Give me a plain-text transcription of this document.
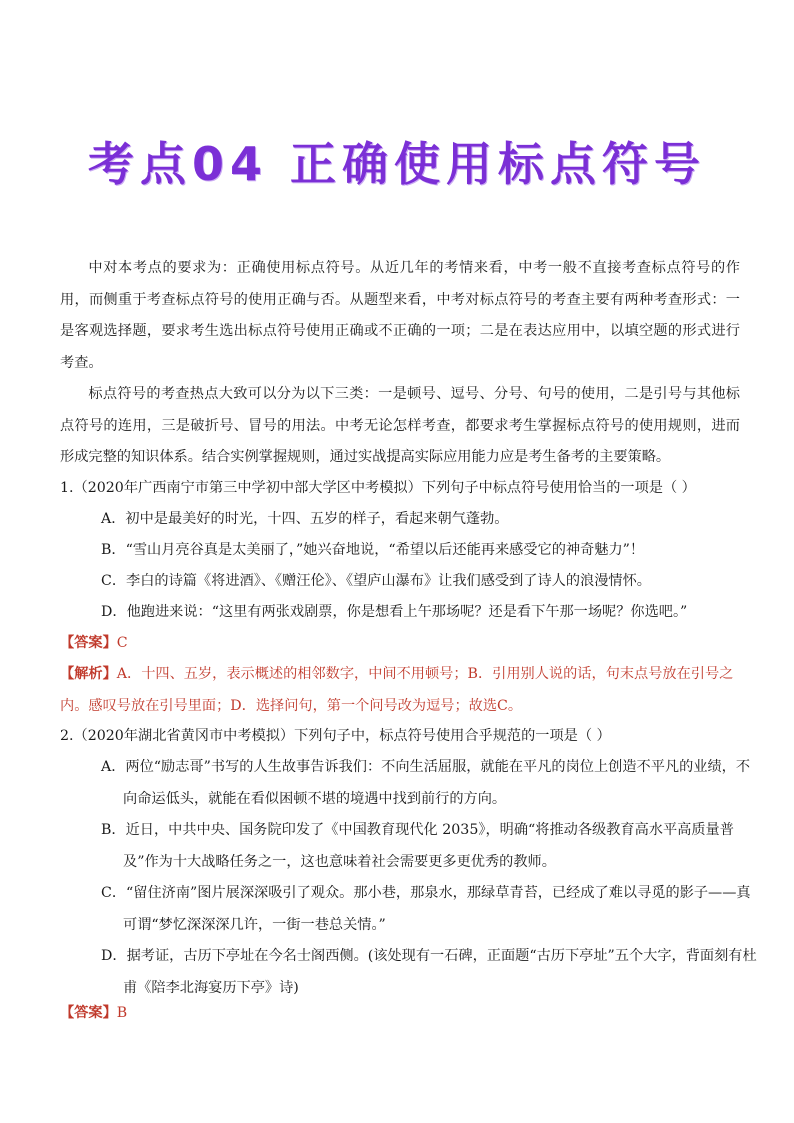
考点04 正确使用标点符号

中对本考点的要求为：正确使用标点符号。从近几年的考情来看，中考一般不直接考查标点符号的作用，而侧重于考查标点符号的使用正确与否。从题型来看，中考对标点符号的考查主要有两种考查形式：一是客观选择题，要求考生选出标点符号使用正确或不正确的一项；二是在表达应用中，以填空题的形式进行考查。

标点符号的考查热点大致可以分为以下三类：一是顿号、逗号、分号、句号的使用，二是引号与其他标点符号的连用，三是破折号、冒号的用法。中考无论怎样考查，都要求考生掌握标点符号的使用规则，进而形成完整的知识体系。结合实例掌握规则，通过实战提高实际应用能力应是考生备考的主要策略。

1.（2020年广西南宁市第三中学初中部大学区中考模拟）下列句子中标点符号使用恰当的一项是（ ）

A．初中是最美好的时光，十四、五岁的样子，看起来朝气蓬勃。

B．“雪山月亮谷真是太美丽了，”她兴奋地说，“希望以后还能再来感受它的神奇魅力”！

C．李白的诗篇《将进酒》、《赠汪伦》、《望庐山瀑布》让我们感受到了诗人的浪漫情怀。

D．他跑进来说：“这里有两张戏剧票，你是想看上午那场呢？还是看下午那一场呢？你选吧。”

【答案】C

【解析】A．十四、五岁，表示概述的相邻数字，中间不用顿号；B．引用别人说的话，句末点号放在引号之内。感叹号放在引号里面；D．选择问句，第一个问号改为逗号；故选C。

2.（2020年湖北省黄冈市中考模拟）下列句子中，标点符号使用合乎规范的一项是（ ）

A．两位“励志哥”书写的人生故事告诉我们：不向生活屈服，就能在平凡的岗位上创造不平凡的业绩，不向命运低头，就能在看似困顿不堪的境遇中找到前行的方向。

B．近日，中共中央、国务院印发了《中国教育现代化 2035》，明确“将推动各级教育高水平高质量普及”作为十大战略任务之一，这也意味着社会需要更多更优秀的教师。

C．“留住济南”图片展深深吸引了观众。那小巷，那泉水，那绿草青苔，已经成了难以寻觅的影子——真可谓“梦忆深深深几许，一街一巷总关情。”

D．据考证，古历下亭址在今名士阁西侧。(该处现有一石碑，正面题“古历下亭址”五个大字，背面刻有杜甫《陪李北海宴历下亭》诗)

【答案】B
